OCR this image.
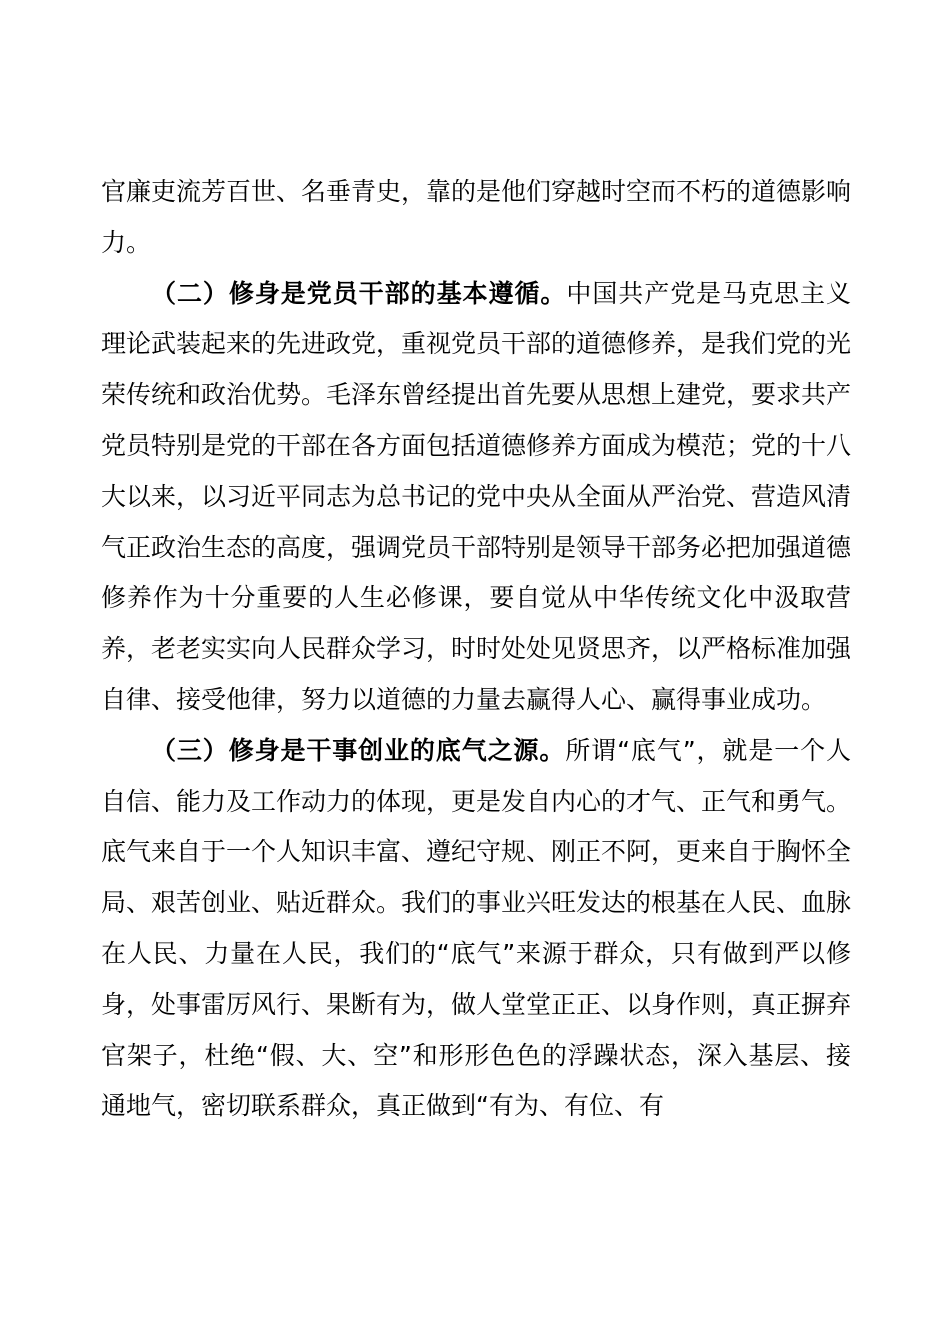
官廉吏流芳百世、名垂青史，靠的是他们穿越时空而不朽的道德影响力。

（二）修身是党员干部的基本遵循。中国共产党是马克思主义理论武装起来的先进政党，重视党员干部的道德修养，是我们党的光荣传统和政治优势。毛泽东曾经提出首先要从思想上建党，要求共产党员特别是党的干部在各方面包括道德修养方面成为模范；党的十八大以来，以习近平同志为总书记的党中央从全面从严治党、营造风清气正政治生态的高度，强调党员干部特别是领导干部务必把加强道德修养作为十分重要的人生必修课，要自觉从中华传统文化中汲取营养，老老实实向人民群众学习，时时处处见贤思齐，以严格标准加强自律、接受他律，努力以道德的力量去赢得人心、赢得事业成功。

（三）修身是干事创业的底气之源。所谓“底气”，就是一个人自信、能力及工作动力的体现，更是发自内心的才气、正气和勇气。底气来自于一个人知识丰富、遵纪守规、刚正不阿，更来自于胸怀全局、艰苦创业、贴近群众。我们的事业兴旺发达的根基在人民、血脉在人民、力量在人民，我们的“底气”来源于群众，只有做到严以修身，处事雷厉风行、果断有为，做人堂堂正正、以身作则，真正摒弃官架子，杜绝“假、大、空”和形形色色的浮躁状态，深入基层、接通地气，密切联系群众，真正做到“有为、有位、有
